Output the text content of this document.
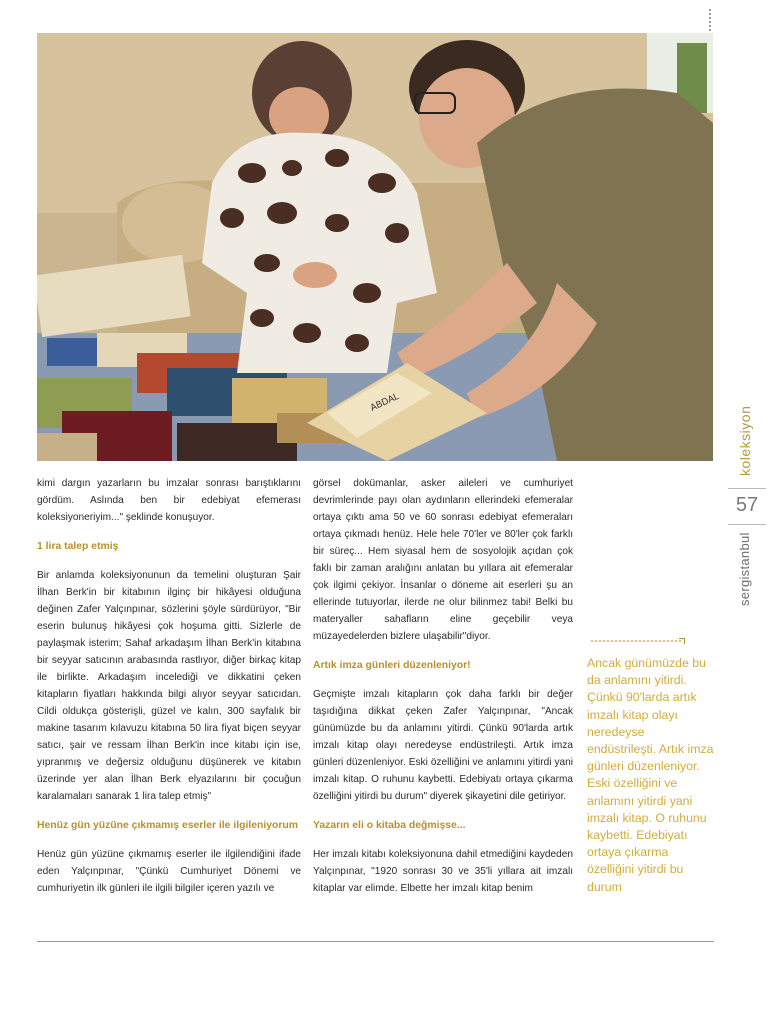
ABDAL
koleksiyon
57
sergistanbul

kimi dargın yazarların bu imzalar sonrası barıştıklarını gördüm. Aslında ben bir edebiyat efemerası koleksiyoneriyim..." şeklinde konuşuyor.

1 lira talep etmiş

Bir anlamda koleksiyonunun da temelini oluşturan Şair İlhan Berk'in bir kitabının ilginç bir hikâyesi olduğuna değinen Zafer Yalçınpınar, sözlerini şöyle sürdürüyor, "Bir eserin bulunuş hikâyesi çok hoşuma gitti. Sizlerle de paylaşmak isterim; Sahaf arkadaşım İlhan Berk'in kitabına bir seyyar satıcının arabasında rastlıyor, diğer birkaç kitap ile birlikte. Arkadaşım incelediği ve dikkatini çeken kitapların fiyatları hakkında bilgi alıyor seyyar satıcıdan. Cildi oldukça gösterişli, güzel ve kalın, 300 sayfalık bir makine tasarım kılavuzu kitabına 50 lira fiyat biçen seyyar satıcı, şair ve ressam İlhan Berk'in ince kitabı için ise, yıpranmış ve değersiz olduğunu düşünerek ve kitabın üzerinde yer alan İlhan Berk elyazılarını bir çocuğun karalamaları sanarak 1 lira talep etmiş"

Henüz gün yüzüne çıkmamış eserler ile ilgileniyorum

Henüz gün yüzüne çıkmamış eserler ile ilgilendiğini ifade eden Yalçınpınar, "Çünkü Cumhuriyet Dönemi ve cumhuriyetin ilk günleri ile ilgili bilgiler içeren yazılı ve

görsel dokümanlar, asker aileleri ve cumhuriyet devrimlerinde payı olan aydınların ellerindeki efemeralar ortaya çıktı ama 50 ve 60 sonrası edebiyat efemeraları ortaya çıkmadı henüz. Hele hele 70'ler ve 80'ler çok farklı bir süreç... Hem siyasal hem de sosyolojik açıdan çok faklı bir zaman aralığını anlatan bu yıllara ait efemeralar çok ilgimi çekiyor. İnsanlar o döneme ait eserleri şu an ellerinde tutuyorlar, ilerde ne olur bilinmez tabi! Belki bu materyaller sahafların eline geçebilir veya müzayedelerden bizlere ulaşabilir"diyor.

Artık imza günleri düzenleniyor!

Geçmişte imzalı kitapların çok daha farklı bir değer taşıdığına dikkat çeken Zafer Yalçınpınar, "Ancak günümüzde bu da anlamını yitirdi. Çünkü 90'larda artık imzalı kitap olayı neredeyse endüstrileşti. Artık imza günleri düzenleniyor. Eski özelliğini ve anlamını yitirdi yani imzalı kitap. O ruhunu kaybetti. Edebiyatı ortaya çıkarma özelliğini yitirdi bu durum" diyerek şikayetini dile getiriyor.

Yazarın eli o kitaba değmişse...

Her imzalı kitabı koleksiyonuna dahil etmediğini kaydeden Yalçınpınar, "1920 sonrası 30 ve 35'li yıllara ait imzalı kitaplar var elimde. Elbette her imzalı kitap benim

Ancak günümüzde bu da anlamını yitirdi. Çünkü 90'larda artık imzalı kitap olayı neredeyse endüstrileşti. Artık imza günleri düzenleniyor. Eski özelliğini ve anlamını yitirdi yani imzalı kitap. O ruhunu kaybetti. Edebiyatı ortaya çıkarma özelliğini yitirdi bu durum
